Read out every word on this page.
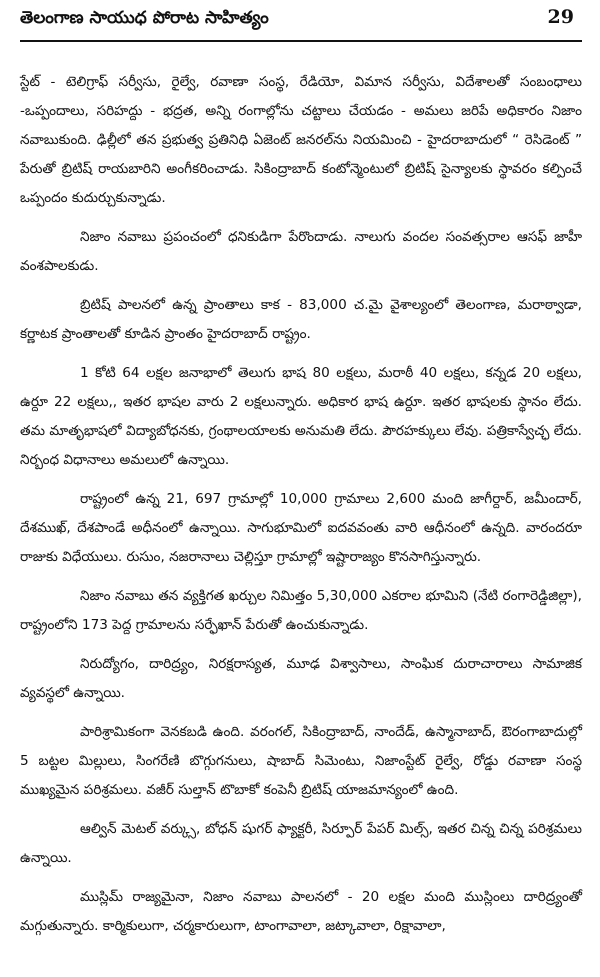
తెలంగాణ సాయుధ పోరాట సాహిత్యం	29

స్టేట్ - టెలిగ్రాఫ్ సర్వీసు, రైల్వే, రవాణా సంస్థ, రేడియో, విమాన సర్వీసు, విదేశాలతో సంబంధాలు -ఒప్పందాలు, సరిహద్దు - భద్రత, అన్ని రంగాల్లోను చట్టాలు చేయడం - అమలు జరిపే అధికారం నిజాం నవాబుకుంది. ఢిల్లీలో తన ప్రభుత్వ ప్రతినిధి ఏజెంట్ జనరల్‌ను నియమించి - హైదరాబాదులో “ రెసిడెంట్ ” పేరుతో బ్రిటిష్ రాయబారిని అంగీకరించాడు. సికింద్రాబాద్ కంటోన్మెంటులో బ్రిటిష్ సైన్యాలకు స్థావరం కల్పించే ఒప్పందం కుదుర్చుకున్నాడు.

నిజాం నవాబు ప్రపంచంలో ధనికుడిగా పేరొందాడు. నాలుగు వందల సంవత్సరాల ఆసఫ్ జాహీ వంశపాలకుడు.

బ్రిటిష్ పాలనలో ఉన్న ప్రాంతాలు కాక - 83,000 చ.మై వైశాల్యంలో తెలంగాణ, మరాఠ్వాడా, కర్ణాటక ప్రాంతాలతో కూడిన ప్రాంతం హైదరాబాద్ రాష్ట్రం.

1 కోటి 64 లక్షల జనాభాలో తెలుగు భాష 80 లక్షలు, మరాఠీ 40 లక్షలు, కన్నడ 20 లక్షలు, ఉర్దూ 22 లక్షలు,, ఇతర భాషల వారు 2 లక్షలున్నారు. అధికార భాష ఉర్దూ. ఇతర భాషలకు స్థానం లేదు. తమ మాతృభాషలో విద్యాబోధనకు, గ్రంథాలయాలకు అనుమతి లేదు. పౌరహక్కులు లేవు. పత్రికాస్వేచ్ఛ లేదు. నిర్బంధ విధానాలు అమలులో ఉన్నాయి.

రాష్ట్రంలో ఉన్న 21, 697 గ్రామాల్లో 10,000 గ్రామాలు 2,600 మంది జాగీర్దార్, జమీందార్, దేశముఖ్, దేశపాండే అధీనంలో ఉన్నాయి. సాగుభూమిలో ఐదవవంతు వారి ఆధీనంలో ఉన్నది. వారందరూ రాజుకు విధేయులు. రుసుం, నజరానాలు చెల్లిస్తూ గ్రామాల్లో ఇష్టారాజ్యం కొనసాగిస్తున్నారు.

నిజాం నవాబు తన వ్యక్తిగత ఖర్చుల నిమిత్తం 5,30,000 ఎకరాల భూమిని (నేటి రంగారెడ్డిజిల్లా), రాష్ట్రంలోని 173 పెద్ద గ్రామాలను సర్ఫేఖాన్ పేరుతో ఉంచుకున్నాడు.

నిరుద్యోగం, దారిద్ర్యం, నిరక్షరాస్యత, మూఢ విశ్వాసాలు, సాంఘిక దురాచారాలు సామాజిక వ్యవస్థలో ఉన్నాయి.

పారిశ్రామికంగా వెనకబడి ఉంది. వరంగల్, సికింద్రాబాద్, నాందేడ్, ఉస్మానాబాద్, ఔరంగాబాదుల్లో 5 బట్టల మిల్లులు, సింగరేణి బొగ్గుగనులు, షాబాద్ సిమెంటు, నిజాంస్టేట్ రైల్వే, రోడ్డు రవాణా సంస్థ ముఖ్యమైన పరిశ్రమలు. వజీర్ సుల్తాన్ టొబాకో కంపెనీ బ్రిటిష్ యాజమాన్యంలో ఉంది.

ఆల్విన్ మెటల్ వర్క్సు, బోధన్ షుగర్ ఫ్యాక్టరీ, సిర్పూర్ పేపర్ మిల్స్, ఇతర చిన్న చిన్న పరిశ్రమలు ఉన్నాయి.

ముస్లిమ్ రాజ్యమైనా, నిజాం నవాబు పాలనలో - 20 లక్షల మంది ముస్లింలు దారిద్ర్యంతో మగ్గుతున్నారు. కార్మికులుగా, చర్మకారులుగా, టాంగావాలా, జట్కావాలా, రిక్షావాలా,
